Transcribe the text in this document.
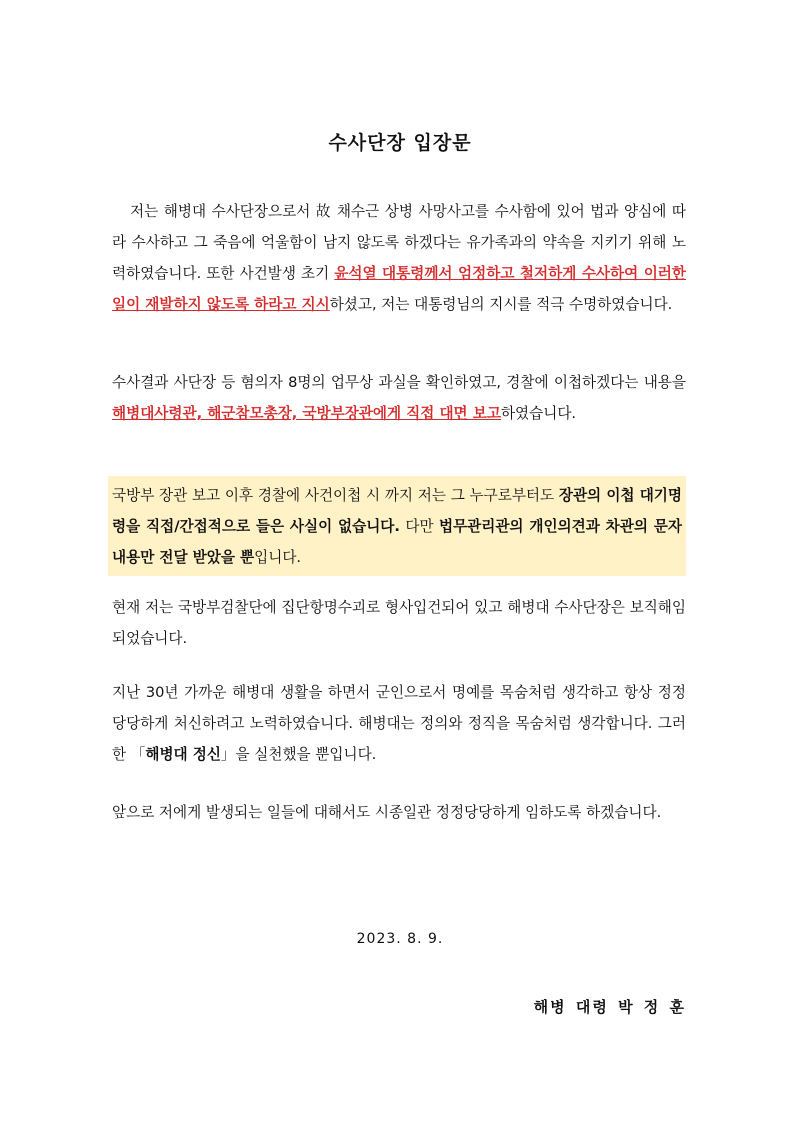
수사단장 입장문
저는 해병대 수사단장으로서 故 채수근 상병 사망사고를 수사함에 있어 법과 양심에 따라 수사하고 그 죽음에 억울함이 남지 않도록 하겠다는 유가족과의 약속을 지키기 위해 노력하였습니다. 또한 사건발생 초기 윤석열 대통령께서 엄정하고 철저하게 수사하여 이러한 일이 재발하지 않도록 하라고 지시하셨고, 저는 대통령님의 지시를 적극 수명하였습니다.
수사결과 사단장 등 혐의자 8명의 업무상 과실을 확인하였고, 경찰에 이첩하겠다는 내용을 해병대사령관, 해군참모총장, 국방부장관에게 직접 대면 보고하였습니다.
국방부 장관 보고 이후 경찰에 사건이첩 시 까지 저는 그 누구로부터도 장관의 이첩 대기명령을 직접/간접적으로 들은 사실이 없습니다. 다만 법무관리관의 개인의견과 차관의 문자내용만 전달 받았을 뿐입니다.
현재 저는 국방부검찰단에 집단항명수괴로 형사입건되어 있고 해병대 수사단장은 보직해임 되었습니다.
지난 30년 가까운 해병대 생활을 하면서 군인으로서 명예를 목숨처럼 생각하고 항상 정정당당하게 처신하려고 노력하였습니다. 해병대는 정의와 정직을 목숨처럼 생각합니다. 그러한 「해병대 정신」을 실천했을 뿐입니다.
앞으로 저에게 발생되는 일들에 대해서도 시종일관 정정당당하게 임하도록 하겠습니다.
2023. 8. 9.
해병 대령 박 정 훈
